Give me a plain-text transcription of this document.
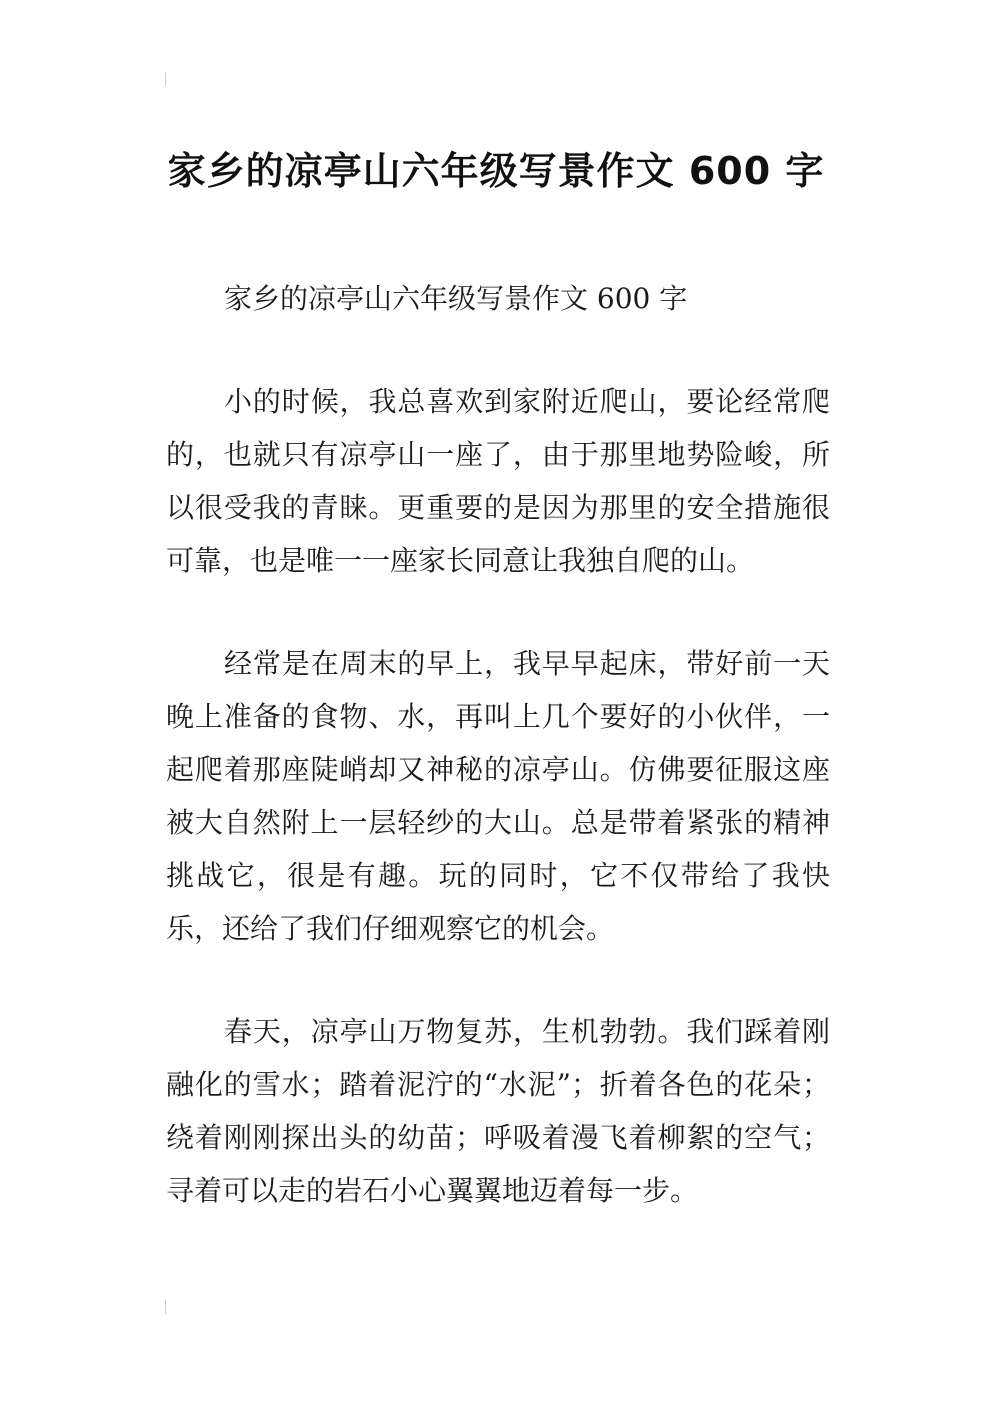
家乡的凉亭山六年级写景作文 600 字

家乡的凉亭山六年级写景作文 600 字

小的时候，我总喜欢到家附近爬山，要论经常爬的，也就只有凉亭山一座了，由于那里地势险峻，所以很受我的青睐。更重要的是因为那里的安全措施很可靠，也是唯一一座家长同意让我独自爬的山。

经常是在周末的早上，我早早起床，带好前一天晚上准备的食物、水，再叫上几个要好的小伙伴，一起爬着那座陡峭却又神秘的凉亭山。仿佛要征服这座被大自然附上一层轻纱的大山。总是带着紧张的精神挑战它，很是有趣。玩的同时，它不仅带给了我快乐，还给了我们仔细观察它的机会。

春天，凉亭山万物复苏，生机勃勃。我们踩着刚融化的雪水；踏着泥泞的“水泥”；折着各色的花朵；绕着刚刚探出头的幼苗；呼吸着漫飞着柳絮的空气；寻着可以走的岩石小心翼翼地迈着每一步。
